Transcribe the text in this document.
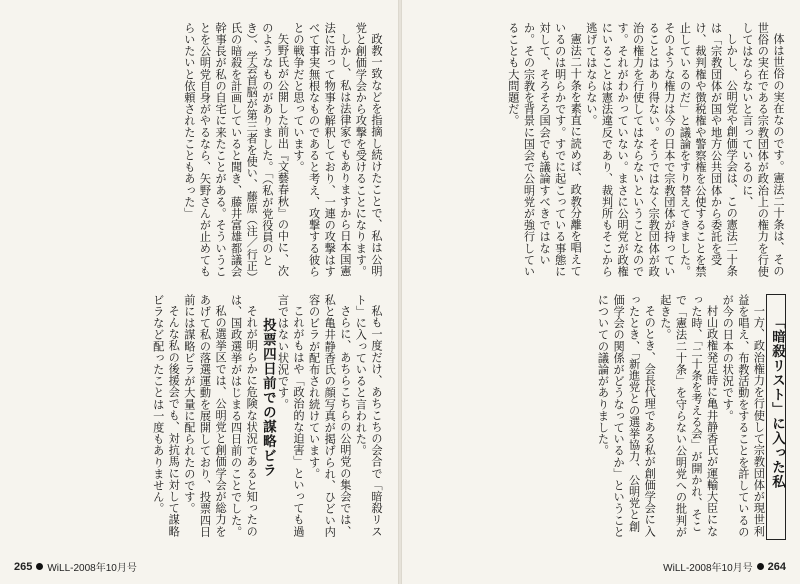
政教一致などを指摘し続けたことで、私は公明党と創価学会から攻撃を受けることになります。

しかし、私は法律家でもありますから日本国憲法に沿って物事を解釈しており、一連の攻撃はすべて事実無根なものであると考え、攻撃する彼らとの戦争だと思っています。

矢野氏が公開した前出『文藝春秋』の中に、次のようなものがありました。「（私が党役員のとき）、学会首脳が第三者を使い、藤原（注／行正）氏の暗殺を計画していると聞き、藤井富雄都議会幹事長が私の自宅に来たことがある。そういうことを公明党自身がやるなら、矢野さんが止めてもらいたいと依頼されたこともあった」

私も一度だけ、あちこちの会合で「暗殺リスト」に入っていると言われた。

さらに、あちらこちらの公明党の集会では、私と亀井静香氏の顔写真が掲げられ、ひどい内容のビラが配布され続けています。

これがもはや「政治的な迫害」といっても過言ではない状況です。

投票四日前での謀略ビラ

それが明らかに危険な状況であると知ったのは、国政選挙がはじまる四日前のことでした。

私の選挙区では、公明党と創価学会が総力をあげて私の落選運動を展開しており、投票四日前には謀略ビラが大量に配られたのです。

そんな私の後援会でも、対抗馬に対して謀略ビラなど配ったことは一度もありません。

265 WiLL-2008年10月号

体は世俗の実在なのです。憲法二十条は、その世俗の実在である宗教団体が政治上の権力を行使してはならないと言っているのに、

しかし、公明党や創価学会は、この憲法二十条は「宗教団体が国や地方公共団体から委託を受け、裁判権や徴税権や警察権を公使することを禁止しているのだ」と議論をすり替えてきました。そのような権力は今の日本で宗教団体が持っていることはあり得ない。そうではなく宗教団体が政治の権力を行使してはならないということなのです。それがわかっていない。まさに公明党が政権にいることは憲法違反であり、裁判所もそこから逃げてはならない。

憲法二十条を素直に読めば、政教分離を唱えているのは明らかです。すでに起こっている事態に対して、そろそろ国会でも議論すべきではないか。その宗教を背景に国会で公明党が強行していることも大問題だ。

「暗殺リスト」に入った私

一方、政治権力を行使して宗教団体が現世利益を唱え、布教活動をすることを許しているのが今の日本の状況です。

村山政権発足時に亀井静香氏が運輸大臣になった時、「二十条を考える会」が開かれ、そこで「憲法二十条」を守らない公明党への批判が起きた。

そのとき、会長代理である私が創価学会に入ったとき、「新進党との選挙協力、公明党と創価学会の関係がどうなっているか」ということについての議論がありました。

WiLL-2008年10月号 264
